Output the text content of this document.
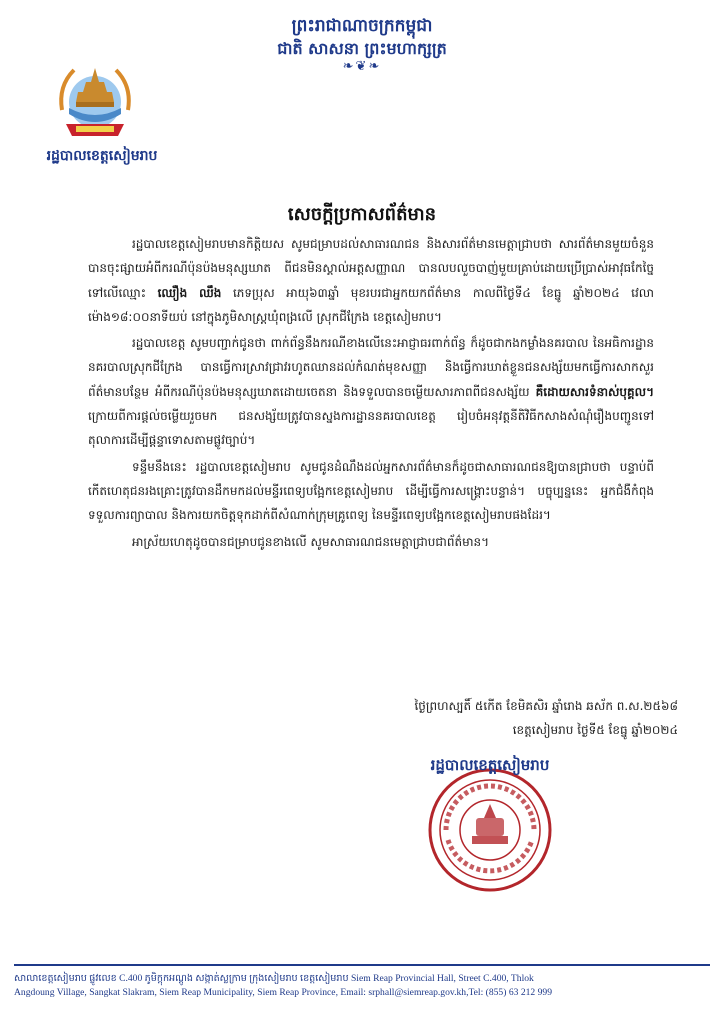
ព្រះរាជាណាចក្រកម្ពុជា
ជាតិ សាសនា ព្រះមហាក្សត្រ
❧❦❧
រដ្ឋបាលខេត្តសៀមរាប
សេចក្ដីប្រកាសព័ត៌មាន

រដ្ឋបាលខេត្តសៀមរាបមានកិត្តិយស សូមជម្រាបដល់សាធារណជន និងសារព័ត៌មានមេត្តាជ្រាបថា សារព័ត៌មានមួយចំនួនបានចុះផ្សាយអំពីករណីប៉ុនប៉ងមនុស្សឃាត ពីជនមិនស្គាល់អត្តសញ្ញាណ បានលបលួចបាញ់មួយគ្រាប់ដោយប្រើប្រាស់អាវុធកែច្នៃ ទៅលើឈ្មោះ ឈឿង ឈឹង ភេទប្រុស អាយុ៦៣ឆ្នាំ មុខរបរជាអ្នកយកព័ត៌មាន កាលពីថ្ងៃទី៤ ខែធ្នូ ឆ្នាំ២០២៤ វេលាម៉ោង១៨:០០នាទីយប់ នៅក្នុងភូមិសាស្ត្រឃុំពង្រលើ ស្រុកជីក្រែង ខេត្តសៀមរាប។

រដ្ឋបាលខេត្ត សូមបញ្ជាក់ជូនថា ពាក់ព័ន្ធនឹងករណីខាងលើនេះអាជ្ញាធរពាក់ព័ន្ធ ក៏ដូចជាកងកម្លាំងនគរបាល នៃអធិការដ្ឋាននគរបាលស្រុកជីក្រែង បានធ្វើការស្រាវជ្រាវរហូតឈានដល់កំណត់មុខសញ្ញា និងធ្វើការឃាត់ខ្លួនជនសង្ស័យមកធ្វើការសាកសួរព័ត៌មានបន្ថែម អំពីករណីប៉ុនប៉ងមនុស្សឃាតដោយចេតនា និងទទួលបានចម្លើយសារភាពពីជនសង្ស័យ គឺដោយសារទំនាស់បុគ្គល។ ក្រោយពីការផ្ដល់ចម្លើយរួចមក ជនសង្ស័យត្រូវបានស្នងការដ្ឋាននគរបាលខេត្ត រៀបចំអនុវត្តនីតិវិធីកសាងសំណុំរឿងបញ្ជូនទៅតុលាការដើម្បីផ្ដន្ទាទោសតាមផ្លូវច្បាប់។

ទន្ទឹមនឹងនេះ រដ្ឋបាលខេត្តសៀមរាប សូមជូនដំណឹងដល់អ្នកសារព័ត៌មានក៏ដូចជាសាធារណជនឱ្យបានជ្រាបថា បន្ទាប់ពីកើតហេតុជនរងគ្រោះត្រូវបានដឹកមកដល់មន្ទីរពេទ្យបង្អែកខេត្តសៀមរាប ដើម្បីធ្វើការសង្គ្រោះបន្ទាន់។ បច្ចុប្បន្ននេះ អ្នកជំងឺកំពុងទទួលការព្យាបាល និងការយកចិត្តទុកដាក់ពីសំណាក់ក្រុមគ្រូពេទ្យ នៃមន្ទីរពេទ្យបង្អែកខេត្តសៀមរាបផងដែរ។

អាស្រ័យហេតុដូចបានជម្រាបជូនខាងលើ សូមសាធារណជនមេត្តាជ្រាបជាព័ត៌មាន។

ថ្ងៃព្រហស្បតិ៍ ៥កើត ខែមិគសិរ ឆ្នាំរោង ឆស័ក ព.ស.២៥៦៨
ខេត្តសៀមរាប ថ្ងៃទី៥ ខែធ្នូ ឆ្នាំ២០២៤
រដ្ឋបាលខេត្តសៀមរាប
សាលាខេត្តសៀមរាប ផ្លូវលេខ C.400 ភូមិក្ដុកអណ្ដូង សង្កាត់ស្លក្រាម ក្រុងសៀមរាប ខេត្តសៀមរាប Siem Reap Provincial Hall, Street C.400, Thlok
Angdoung Village, Sangkat Slakram, Siem Reap Municipality, Siem Reap Province, Email: srphall@siemreap.gov.kh,Tel: (855) 63 212 999
